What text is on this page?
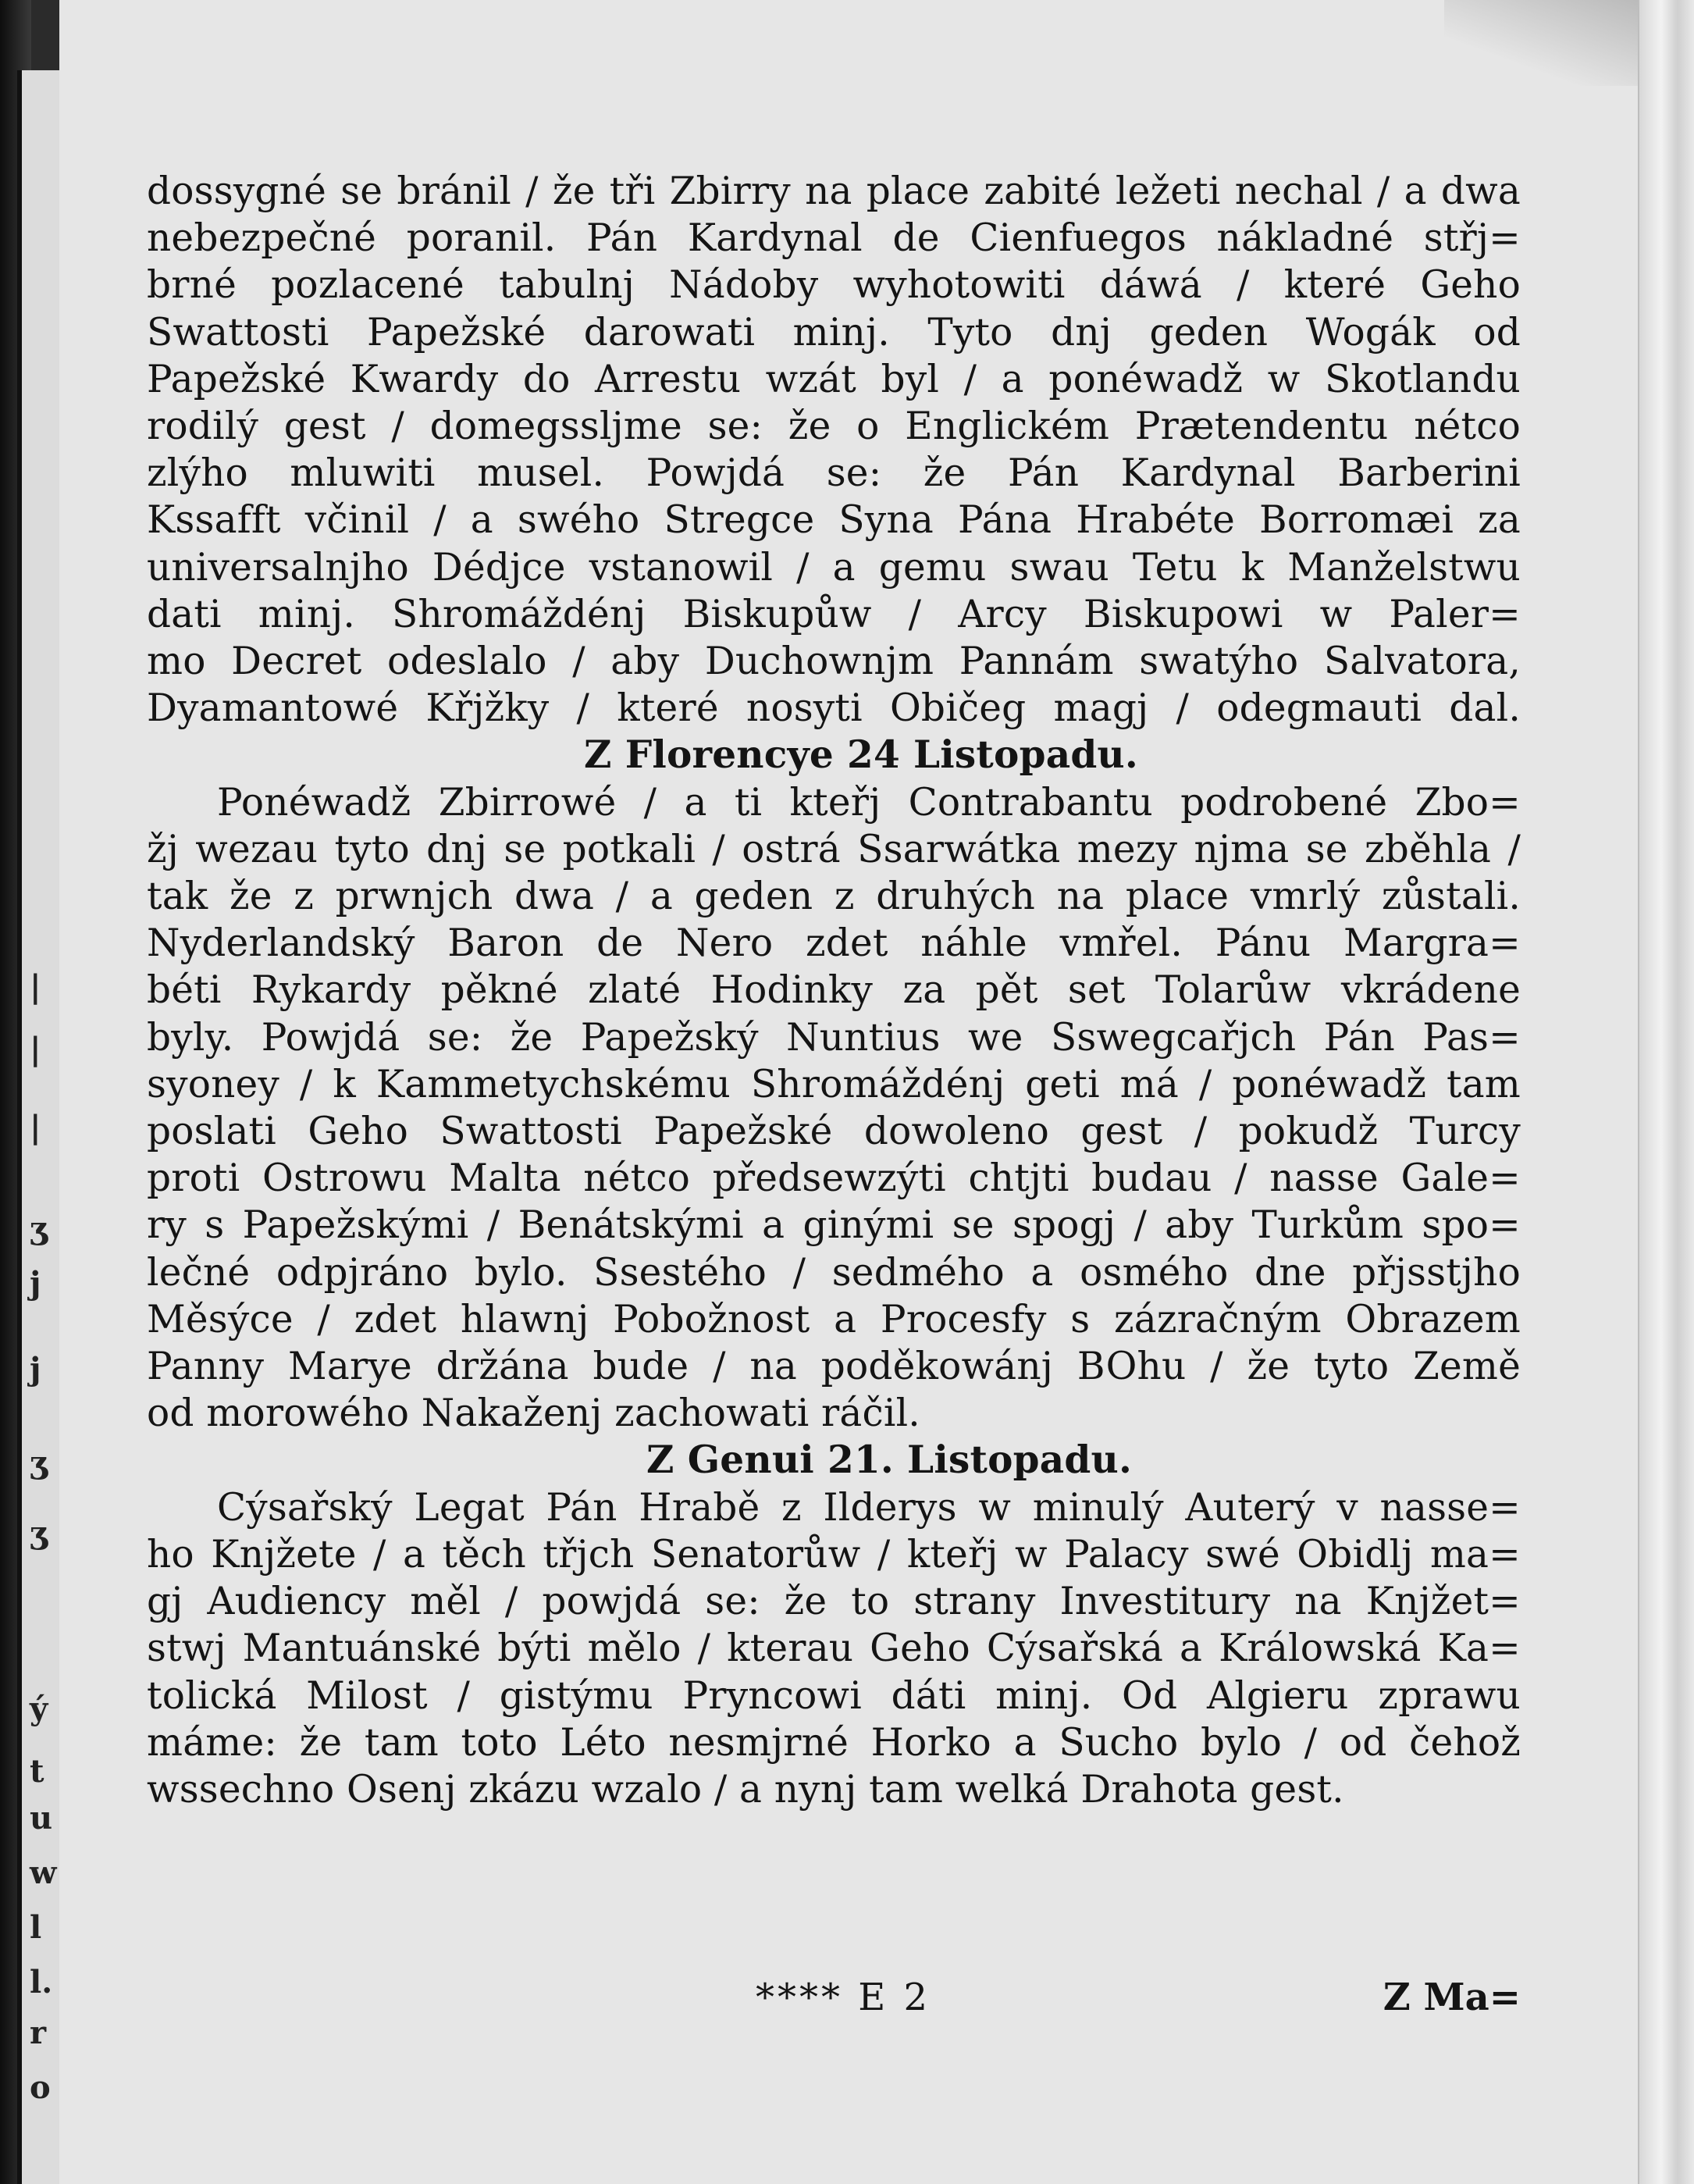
|
|
|
ʒ
j
j
ʒ
ʒ
ý
t
u
w
l
l.
r
o
dossygné se bránil / že tři Zbirry na place zabité ležeti nechal / a dwa
nebezpečné poranil. Pán Kardynal de Cienfuegos nákladné střj=
brné pozlacené tabulnj Nádoby wyhotowiti dáwá / které Geho
Swattosti Papežské darowati minj. Tyto dnj geden Wogák od
Papežské Kwardy do Arrestu wzát byl / a ponéwadž w Skotlandu
rodilý gest / domegssljme se: že o Englickém Prætendentu nétco
zlýho mluwiti musel. Powjdá se: že Pán Kardynal Barberini
Kssafft včinil / a swého Stregce Syna Pána Hrabéte Borromæi za
universalnjho Dédjce vstanowil / a gemu swau Tetu k Manželstwu
dati minj. Shromáždénj Biskupůw / Arcy Biskupowi w Paler=
mo Decret odeslalo / aby Duchownjm Pannám swatýho Salvatora,
Dyamantowé Křjžky / které nosyti Običeg magj / odegmauti dal.
Z Florencye 24 Listopadu.
Ponéwadž Zbirrowé / a ti kteřj Contrabantu podrobené Zbo=
žj wezau tyto dnj se potkali / ostrá Ssarwátka mezy njma se zběhla /
tak že z prwnjch dwa / a geden z druhých na place vmrlý zůstali.
Nyderlandský Baron de Nero zdet náhle vmřel. Pánu Margra=
béti Rykardy pěkné zlaté Hodinky za pět set Tolarůw vkrádene
byly. Powjdá se: že Papežský Nuntius we Sswegcařjch Pán Pas=
syoney / k Kammetychskému Shromáždénj geti má / ponéwadž tam
poslati Geho Swattosti Papežské dowoleno gest / pokudž Turcy
proti Ostrowu Malta nétco předsewzýti chtjti budau / nasse Gale=
ry s Papežskými / Benátskými a ginými se spogj / aby Turkům spo=
lečné odpjráno bylo. Ssestého / sedmého a osmého dne přjsstjho
Měsýce / zdet hlawnj Pobožnost a Procesfy s zázračným Obrazem
Panny Marye držána bude / na poděkowánj BOhu / že tyto Země
od morowého Nakaženj zachowati ráčil.
Z Genui 21. Listopadu.
Cýsařský Legat Pán Hrabě z Ilderys w minulý Auterý v nasse=
ho Knjžete / a těch třjch Senatorůw / kteřj w Palacy swé Obidlj ma=
gj Audiency měl / powjdá se: že to strany Investitury na Knjžet=
stwj Mantuánské býti mělo / kterau Geho Cýsařská a Králowská Ka=
tolická Milost / gistýmu Pryncowi dáti minj. Od Algieru zprawu
máme: že tam toto Léto nesmjrné Horko a Sucho bylo / od čehož
wssechno Osenj zkázu wzalo / a nynj tam welká Drahota gest.
**** E 2	Z Ma=
